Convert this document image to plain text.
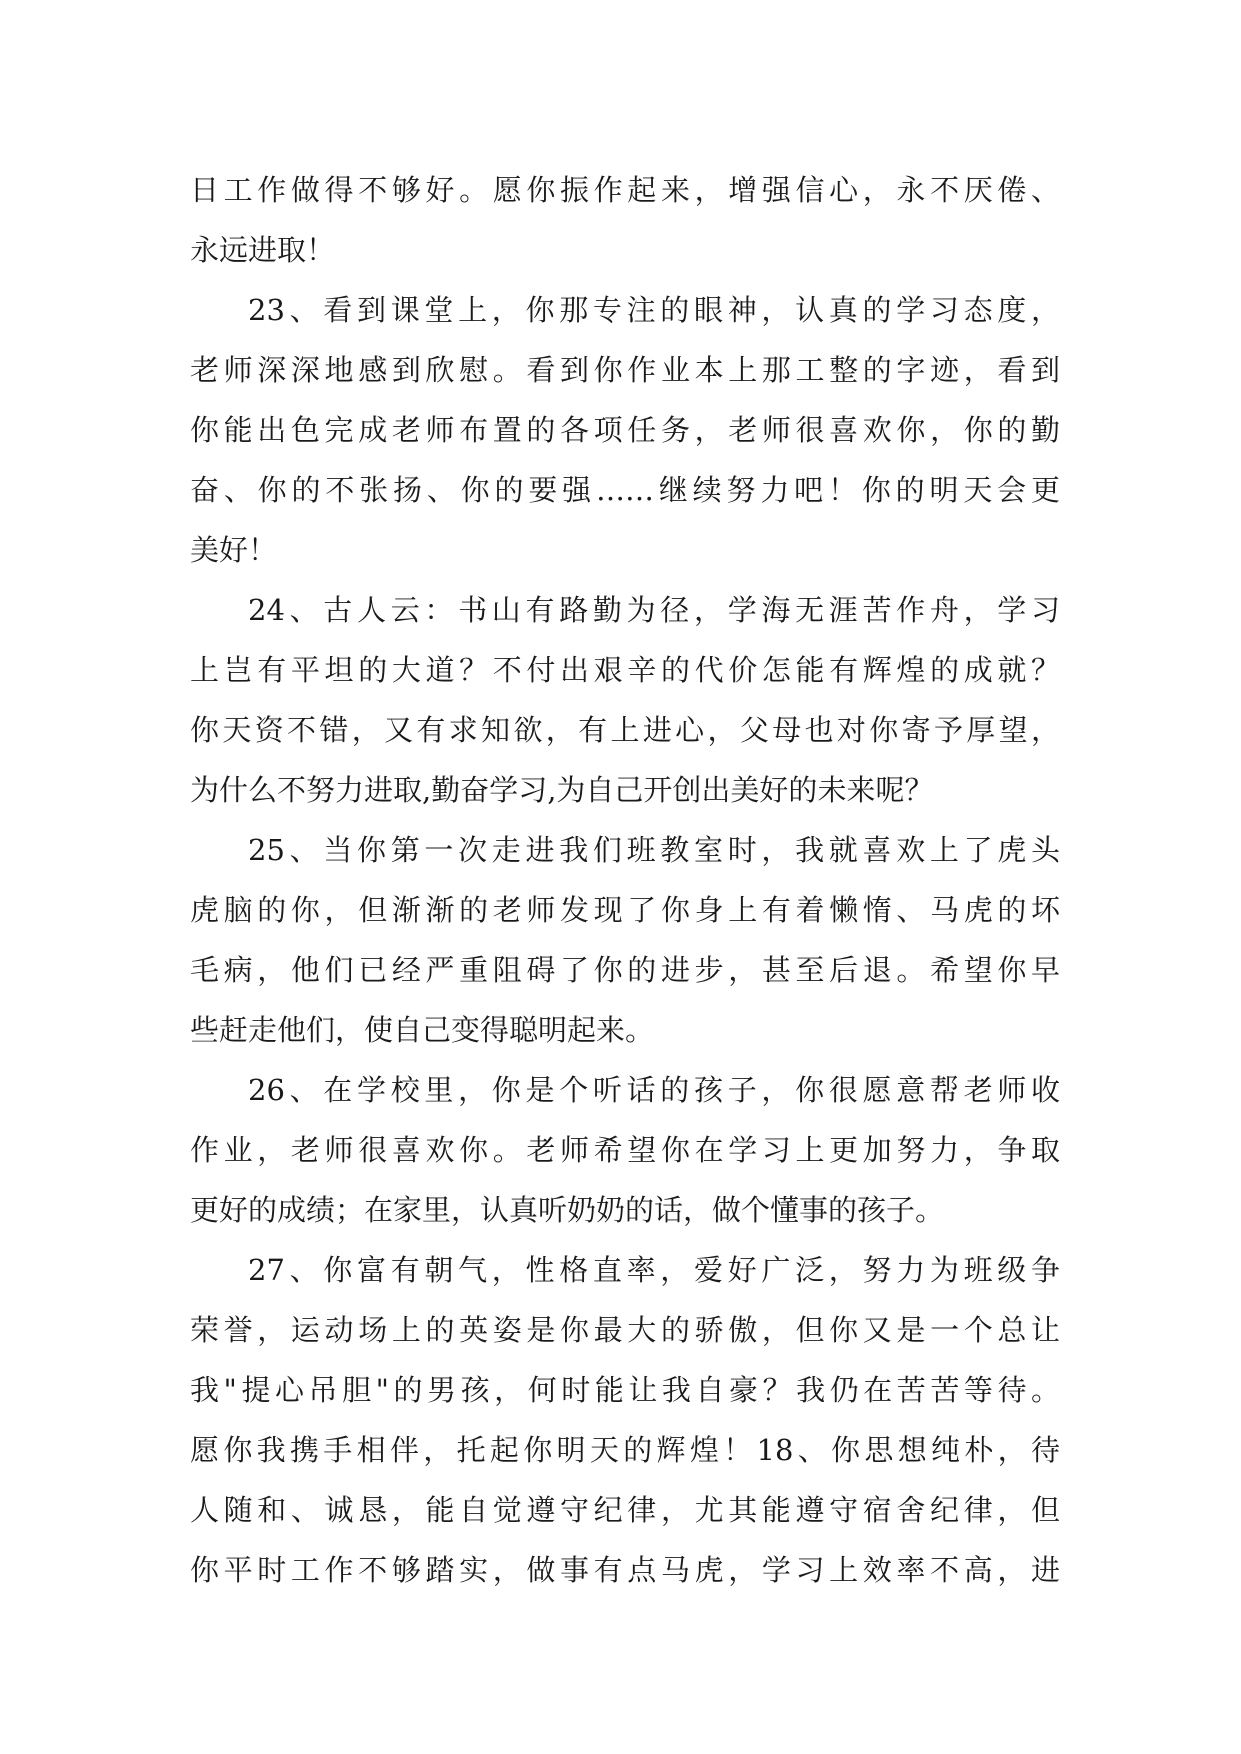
日工作做得不够好。愿你振作起来，增强信心，永不厌倦、
永远进取！
23、看到课堂上，你那专注的眼神，认真的学习态度，
老师深深地感到欣慰。看到你作业本上那工整的字迹，看到
你能出色完成老师布置的各项任务，老师很喜欢你，你的勤
奋、你的不张扬、你的要强……继续努力吧！你的明天会更
美好！
24、古人云：书山有路勤为径，学海无涯苦作舟，学习
上岂有平坦的大道？不付出艰辛的代价怎能有辉煌的成就？
你天资不错，又有求知欲，有上进心，父母也对你寄予厚望，
为什么不努力进取,勤奋学习,为自己开创出美好的未来呢？
25、当你第一次走进我们班教室时，我就喜欢上了虎头
虎脑的你，但渐渐的老师发现了你身上有着懒惰、马虎的坏
毛病，他们已经严重阻碍了你的进步，甚至后退。希望你早
些赶走他们，使自己变得聪明起来。
26、在学校里，你是个听话的孩子，你很愿意帮老师收
作业，老师很喜欢你。老师希望你在学习上更加努力，争取
更好的成绩；在家里，认真听奶奶的话，做个懂事的孩子。
27、你富有朝气，性格直率，爱好广泛，努力为班级争
荣誉，运动场上的英姿是你最大的骄傲，但你又是一个总让
我"提心吊胆"的男孩，何时能让我自豪？我仍在苦苦等待。
愿你我携手相伴，托起你明天的辉煌！18、你思想纯朴，待
人随和、诚恳，能自觉遵守纪律，尤其能遵守宿舍纪律，但
你平时工作不够踏实，做事有点马虎，学习上效率不高，进
